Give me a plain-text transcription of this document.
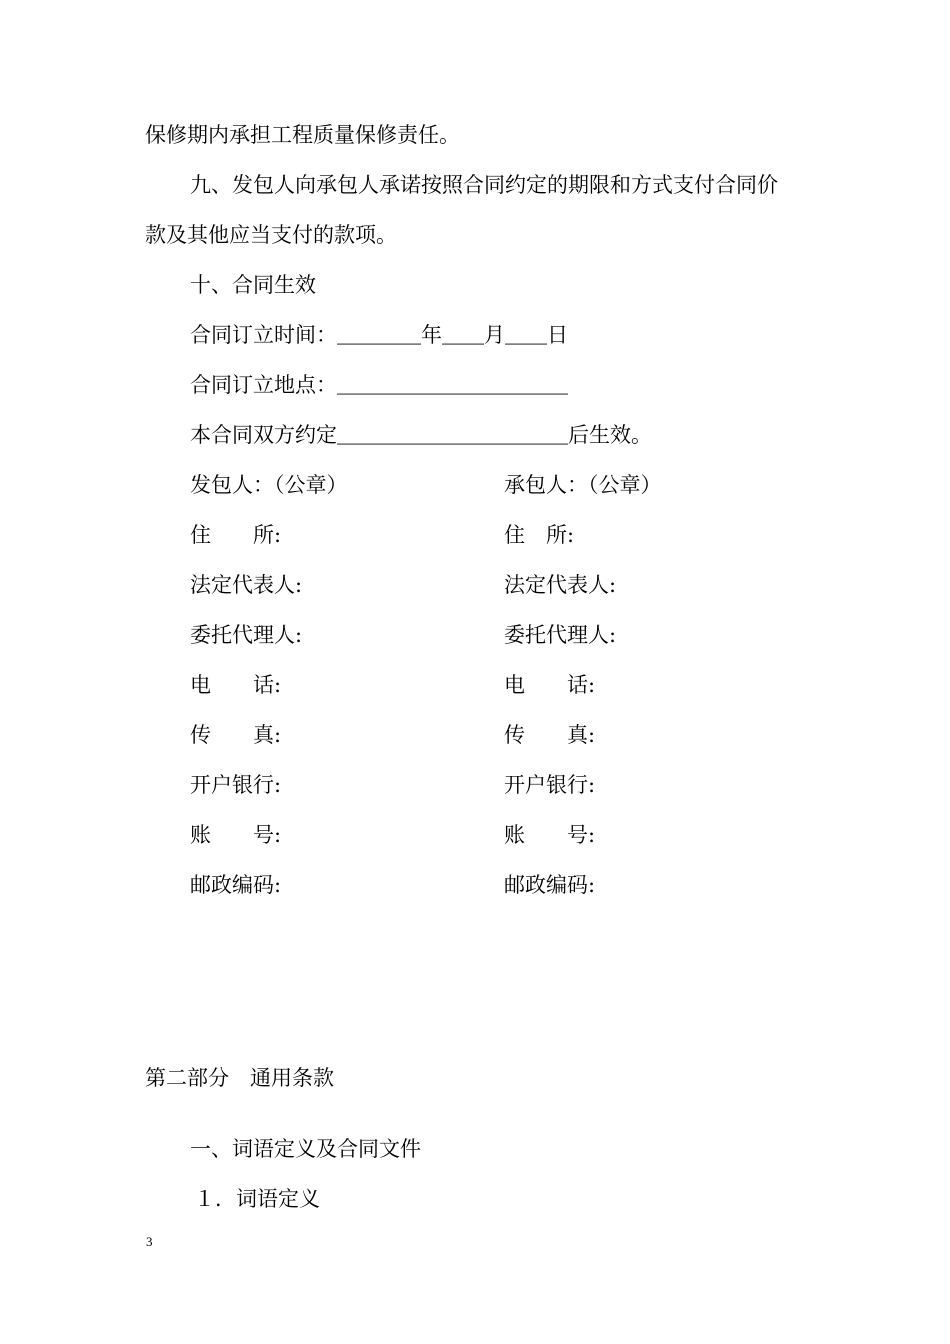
保修期内承担工程质量保修责任。
九、发包人向承包人承诺按照合同约定的期限和方式支付合同价
款及其他应当支付的款项。
十、合同生效
合同订立时间：＿＿＿＿年＿＿月＿＿日
合同订立地点：＿＿＿＿＿＿＿＿＿＿＿
本合同双方约定＿＿＿＿＿＿＿＿＿＿＿后生效。
发包人：（公章）
住　　所:
法定代表人:
委托代理人:
电　　话:
传　　真:
开户银行:
账　　号:
邮政编码:
承包人：（公章）
住　所:
法定代表人:
委托代理人:
电　　话:
传　　真:
开户银行:
账　　号:
邮政编码:
第二部分　通用条款
一、词语定义及合同文件
１．词语定义
3
